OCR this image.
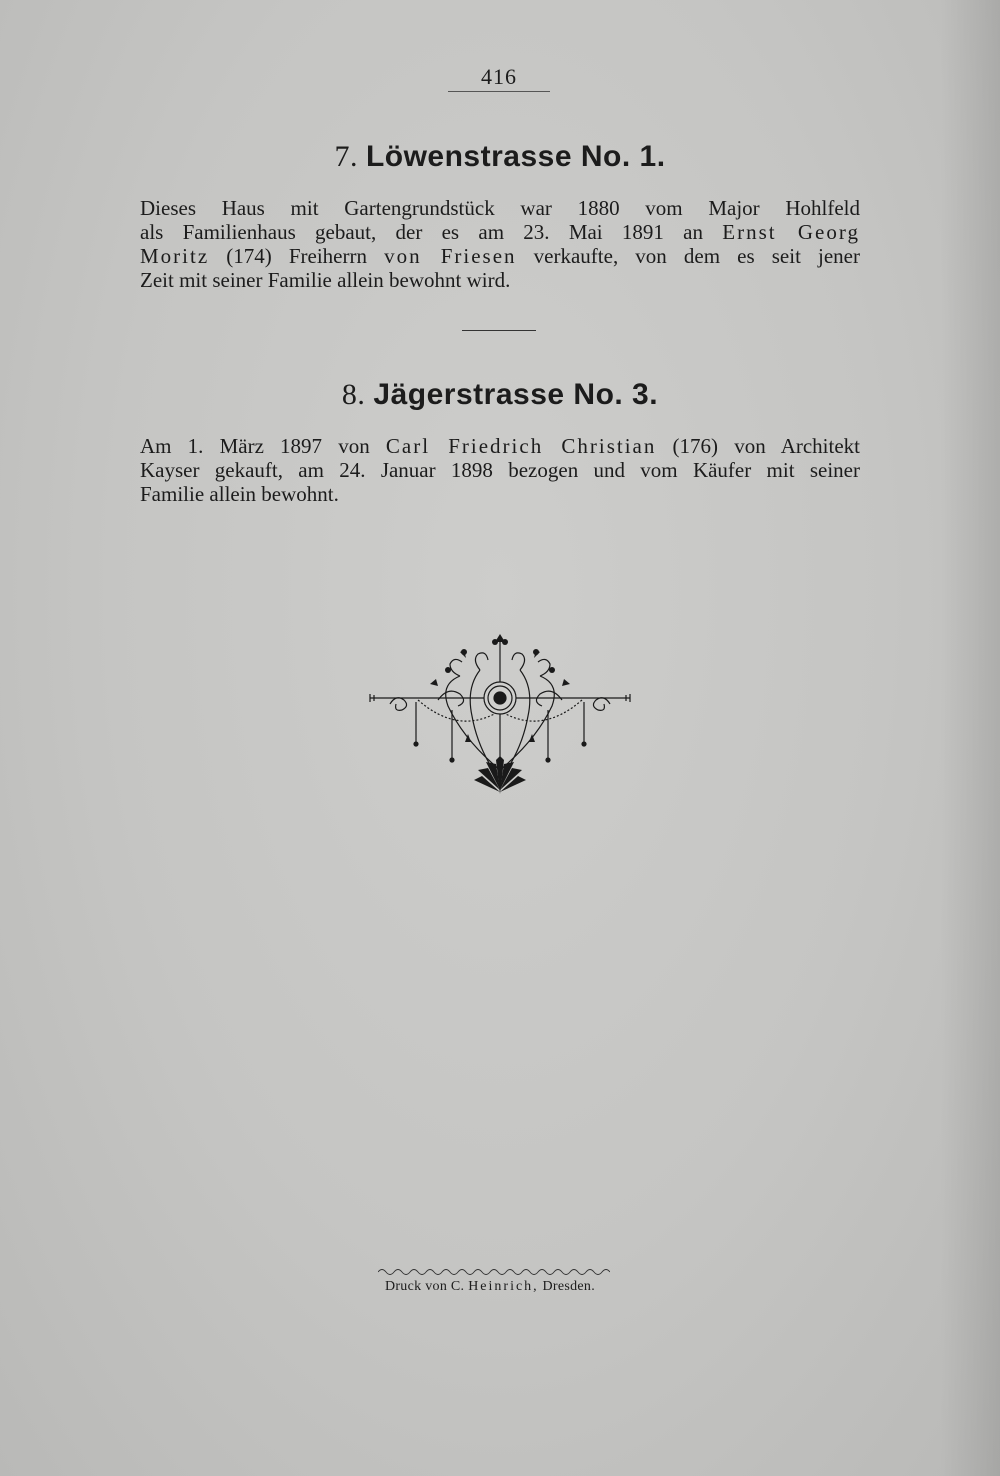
416
7. Löwenstrasse No. 1.
Dieses Haus mit Gartengrundstück war 1880 vom Major Hohlfeld
als Familienhaus gebaut, der es am 23. Mai 1891 an Ernst Georg
Moritz (174) Freiherrn von Friesen verkaufte, von dem es seit jener
Zeit mit seiner Familie allein bewohnt wird.
8. Jägerstrasse No. 3.
Am 1. März 1897 von Carl Friedrich Christian (176) von Architekt
Kayser gekauft, am 24. Januar 1898 bezogen und vom Käufer mit seiner
Familie allein bewohnt.
Druck von C. Heinrich, Dresden.
